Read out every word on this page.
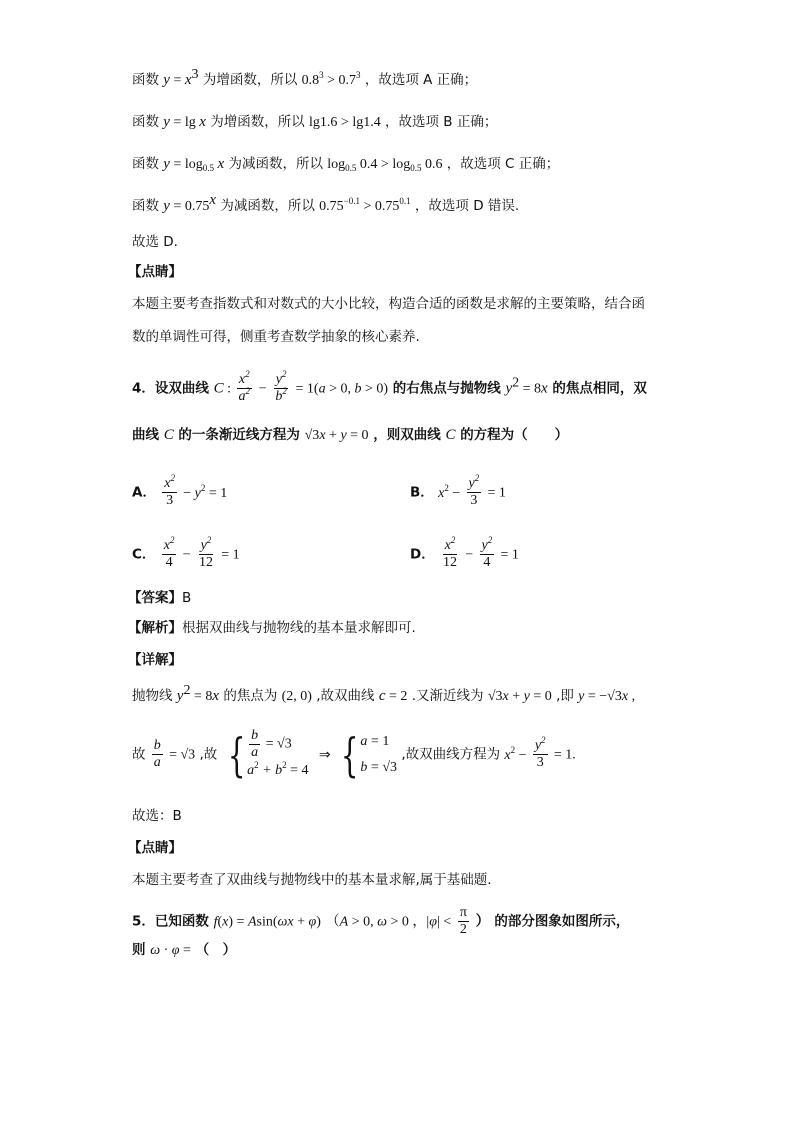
函数 $y = x^3$ 为增函数，所以 $0.8^3 > 0.7^3$ ，故选项 A 正确；
函数 y = lg x 为增函数，所以 lg1.6 > lg1.4 ，故选项 B 正确；
函数 $y = \log_{0.5} x$ 为减函数，所以 $\log_{0.5} 0.4 > \log_{0.5} 0.6$ ，故选项 C 正确；
函数 $y = 0.75^x$ 为减函数，所以 $0.75^{-0.1} > 0.75^{0.1}$ ，故选项 D 错误.
故选 D.
【点睛】
本题主要考查指数式和对数式的大小比较，构造合适的函数是求解的主要策略，结合函
数的单调性可得，侧重考查数学抽象的核心素养.
4．设双曲线 C : $\frac{x^2}{a^2} - \frac{y^2}{b^2} = 1(a > 0$, b > 0) 的右焦点与抛物线 $y^2 = 8x$ 的焦点相同，双
曲线 C 的一条渐近线方程为 √3x + y = 0 ，则双曲线 C 的方程为（　　）
A． $\frac{x^2}{3} - y^2 = 1$	B． $x^2 - \frac{y^2}{3} = 1$
C． $\frac{x^2}{4} - \frac{y^2}{12} = 1$	D． $\frac{x^2}{12} - \frac{y^2}{4} = 1$
【答案】B
【解析】根据双曲线与抛物线的基本量求解即可.
【详解】
抛物线 $y^2 = 8x$ 的焦点为 (2, 0) ,故双曲线 c = 2 .又渐近线为 √3x + y = 0 ,即 y = −√3x ,
故 $\frac{b}{a} = √3$ ,故 { $\frac{b}{a} = √3$
$a^2 + b^2 = 4$
⇒ { a = 1
b = √3
,故双曲线方程为 $x^2 - \frac{y^2}{3} = 1$.
故选：B
【点睛】
本题主要考查了双曲线与抛物线中的基本量求解,属于基础题.
5．已知函数 f(x) = Asin(ωx + φ) （A > 0, ω > 0 ，$|\varphi| < \frac{\pi}{2}$ ） 的部分图象如图所示，
则 ω · φ = （　）
